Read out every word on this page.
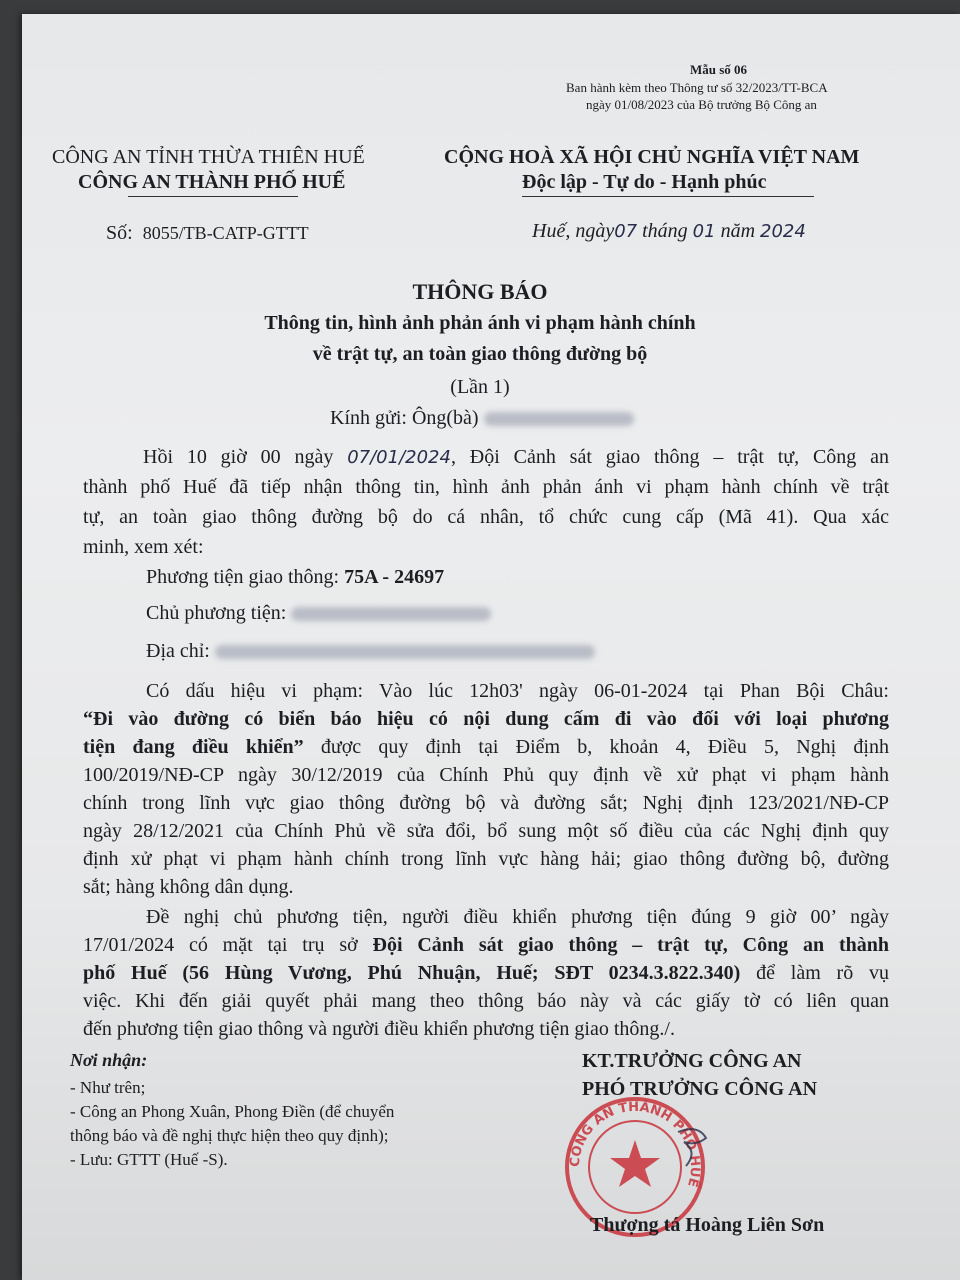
Mẫu số 06
Ban hành kèm theo Thông tư số 32/2023/TT-BCA
ngày 01/08/2023 của Bộ trưởng Bộ Công an
CÔNG AN TỈNH THỪA THIÊN HUẾ
CÔNG AN THÀNH PHỐ HUẾ
CỘNG HOÀ XÃ HỘI CHỦ NGHĨA VIỆT NAM
Độc lập - Tự do - Hạnh phúc
Số: 8055/TB-CATP-GTTT	Huế, ngày07 tháng 01 năm 2024
THÔNG BÁO
Thông tin, hình ảnh phản ánh vi phạm hành chính
về trật tự, an toàn giao thông đường bộ
(Lần 1)
Kính gửi: Ông(bà)
Hồi 10 giờ 00 ngày 07/01/2024, Đội Cảnh sát giao thông – trật tự, Công an
thành phố Huế đã tiếp nhận thông tin, hình ảnh phản ánh vi phạm hành chính về trật
tự, an toàn giao thông đường bộ do cá nhân, tổ chức cung cấp (Mã 41). Qua xác
minh, xem xét:
Phương tiện giao thông: 75A - 24697
Chủ phương tiện:
Địa chỉ:
Có dấu hiệu vi phạm: Vào lúc 12h03' ngày 06-01-2024 tại Phan Bội Châu:
“Đi vào đường có biển báo hiệu có nội dung cấm đi vào đối với loại phương
tiện đang điều khiển” được quy định tại Điểm b, khoản 4, Điều 5, Nghị định
100/2019/NĐ-CP ngày 30/12/2019 của Chính Phủ quy định về xử phạt vi phạm hành
chính trong lĩnh vực giao thông đường bộ và đường sắt; Nghị định 123/2021/NĐ-CP
ngày 28/12/2021 của Chính Phủ về sửa đổi, bổ sung một số điều của các Nghị định quy
định xử phạt vi phạm hành chính trong lĩnh vực hàng hải; giao thông đường bộ, đường
sắt; hàng không dân dụng.
Đề nghị chủ phương tiện, người điều khiển phương tiện đúng 9 giờ 00’ ngày
17/01/2024 có mặt tại trụ sở Đội Cảnh sát giao thông – trật tự, Công an thành
phố Huế (56 Hùng Vương, Phú Nhuận, Huế; SĐT 0234.3.822.340) để làm rõ vụ
việc. Khi đến giải quyết phải mang theo thông báo này và các giấy tờ có liên quan
đến phương tiện giao thông và người điều khiển phương tiện giao thông./.
Nơi nhận:
- Như trên;
- Công an Phong Xuân, Phong Điền (để chuyển
thông báo và đề nghị thực hiện theo quy định);
- Lưu: GTTT (Huế -S).
KT.TRƯỞNG CÔNG AN
PHÓ TRƯỞNG CÔNG AN
CÔNG AN THÀNH PHỐ HUẾ
Thượng tá Hoàng Liên Sơn
